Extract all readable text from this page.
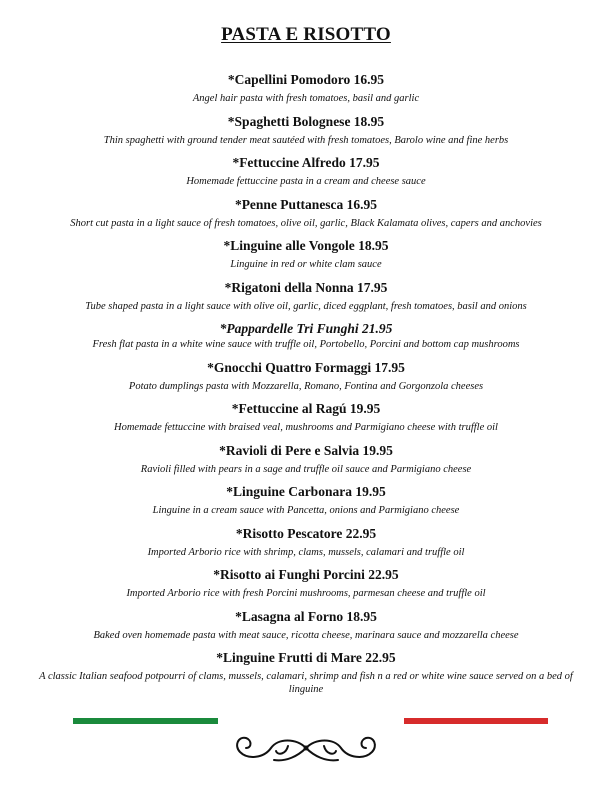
PASTA E RISOTTO
*Capellini Pomodoro 16.95
Angel hair pasta with fresh tomatoes, basil and garlic
*Spaghetti Bolognese 18.95
Thin spaghetti with ground tender meat sautéed with fresh tomatoes, Barolo wine and fine herbs
*Fettuccine Alfredo 17.95
Homemade fettuccine pasta in a cream and cheese sauce
*Penne Puttanesca 16.95
Short cut pasta in a light sauce of fresh tomatoes, olive oil, garlic, Black Kalamata olives, capers and anchovies
*Linguine alle Vongole 18.95
Linguine in red or white clam sauce
*Rigatoni della Nonna 17.95
Tube shaped pasta in a light sauce with olive oil, garlic, diced eggplant, fresh tomatoes, basil and onions
*Pappardelle Tri Funghi 21.95
Fresh flat pasta in a white wine sauce with truffle oil, Portobello, Porcini and bottom cap mushrooms
*Gnocchi Quattro Formaggi 17.95
Potato dumplings pasta with Mozzarella, Romano, Fontina and Gorgonzola cheeses
*Fettuccine al Ragú 19.95
Homemade fettuccine with braised veal, mushrooms and Parmigiano cheese with truffle oil
*Ravioli di Pere e Salvia 19.95
Ravioli filled with pears in a sage and truffle oil sauce and Parmigiano cheese
*Linguine Carbonara 19.95
Linguine in a cream sauce with Pancetta, onions and Parmigiano cheese
*Risotto Pescatore 22.95
Imported Arborio rice with shrimp, clams, mussels, calamari and truffle oil
*Risotto ai Funghi Porcini 22.95
Imported Arborio rice with fresh Porcini mushrooms, parmesan cheese and truffle oil
*Lasagna al Forno 18.95
Baked oven homemade pasta with meat sauce, ricotta cheese, marinara sauce and mozzarella cheese
*Linguine Frutti di Mare 22.95
A classic Italian seafood potpourri of clams, mussels, calamari, shrimp and fish n a red or white wine sauce served on a bed of linguine
